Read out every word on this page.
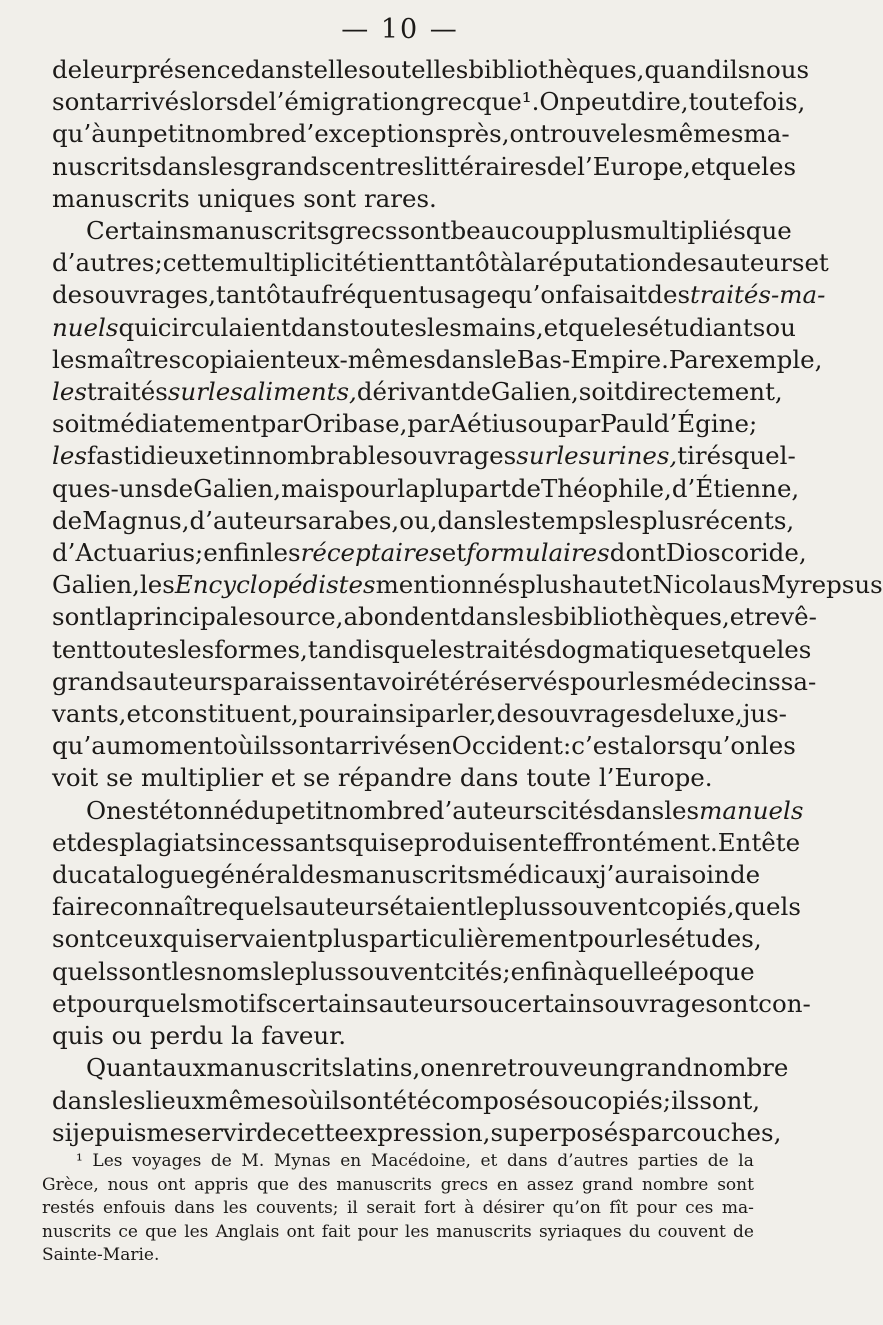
— 10 —
de leur présence dans telles ou telles bibliothèques, quand ils nous
sont arrivés lors de l’émigration grecque¹. On peut dire, toutefois,
qu’à un petit nombre d’exceptions près, on trouve les mêmes ma-
nuscrits dans les grands centres littéraires de l’Europe, et que les
manuscrits uniques sont rares.
Certains manuscrits grecs sont beaucoup plus multipliés que
d’autres; cette multiplicité tient tantôt à la réputation des auteurs et
des ouvrages, tantôt au fréquent usage qu’on faisait des traités-ma-
nuels qui circulaient dans toutes les mains, et que les étudiants ou
les maîtres copiaient eux-mêmes dans le Bas-Empire. Par exemple,
les traités sur les aliments, dérivant de Galien, soit directement,
soit médiatement par Oribase, par Aétius ou par Paul d’Égine;
les fastidieux et innombrables ouvrages sur les urines, tirés quel-
ques-uns de Galien, mais pour la plupart de Théophile, d’Étienne,
de Magnus, d’auteurs arabes, ou, dans les temps les plus récents,
d’Actuarius; enfin les réceptaires et formulaires dont Dioscoride,
Galien, les Encyclopédistes mentionnés plus haut et Nicolaus Myrepsus
sont la principale source, abondent dans les bibliothèques, et revê-
tent toutes les formes, tandis que les traités dogmatiques et que les
grands auteurs paraissent avoir été réservés pour les médecins sa-
vants, et constituent, pour ainsi parler, des ouvrages de luxe, jus-
qu’au moment où ils sont arrivés en Occident : c’est alors qu’on les
voit se multiplier et se répandre dans toute l’Europe.
On est étonné du petit nombre d’auteurs cités dans les manuels
et des plagiats incessants qui se produisent effrontément. En tête
du catalogue général des manuscrits médicaux j’aurai soin de
faire connaître quels auteurs étaient le plus souvent copiés, quels
sont ceux qui servaient plus particulièrement pour les études,
quels sont les noms le plus souvent cités; enfin à quelle époque
et pour quels motifs certains auteurs ou certains ouvrages ont con-
quis ou perdu la faveur.
Quant aux manuscrits latins, on en retrouve un grand nombre
dans les lieux mêmes où ils ont été composés ou copiés; ils sont,
si je puis me servir de cette expression, superposés par couches,
¹ Les voyages de M. Mynas en Macédoine, et dans d’autres parties de la
Grèce, nous ont appris que des manuscrits grecs en assez grand nombre sont
restés enfouis dans les couvents; il serait fort à désirer qu’on fît pour ces ma-
nuscrits ce que les Anglais ont fait pour les manuscrits syriaques du couvent de
Sainte-Marie.
